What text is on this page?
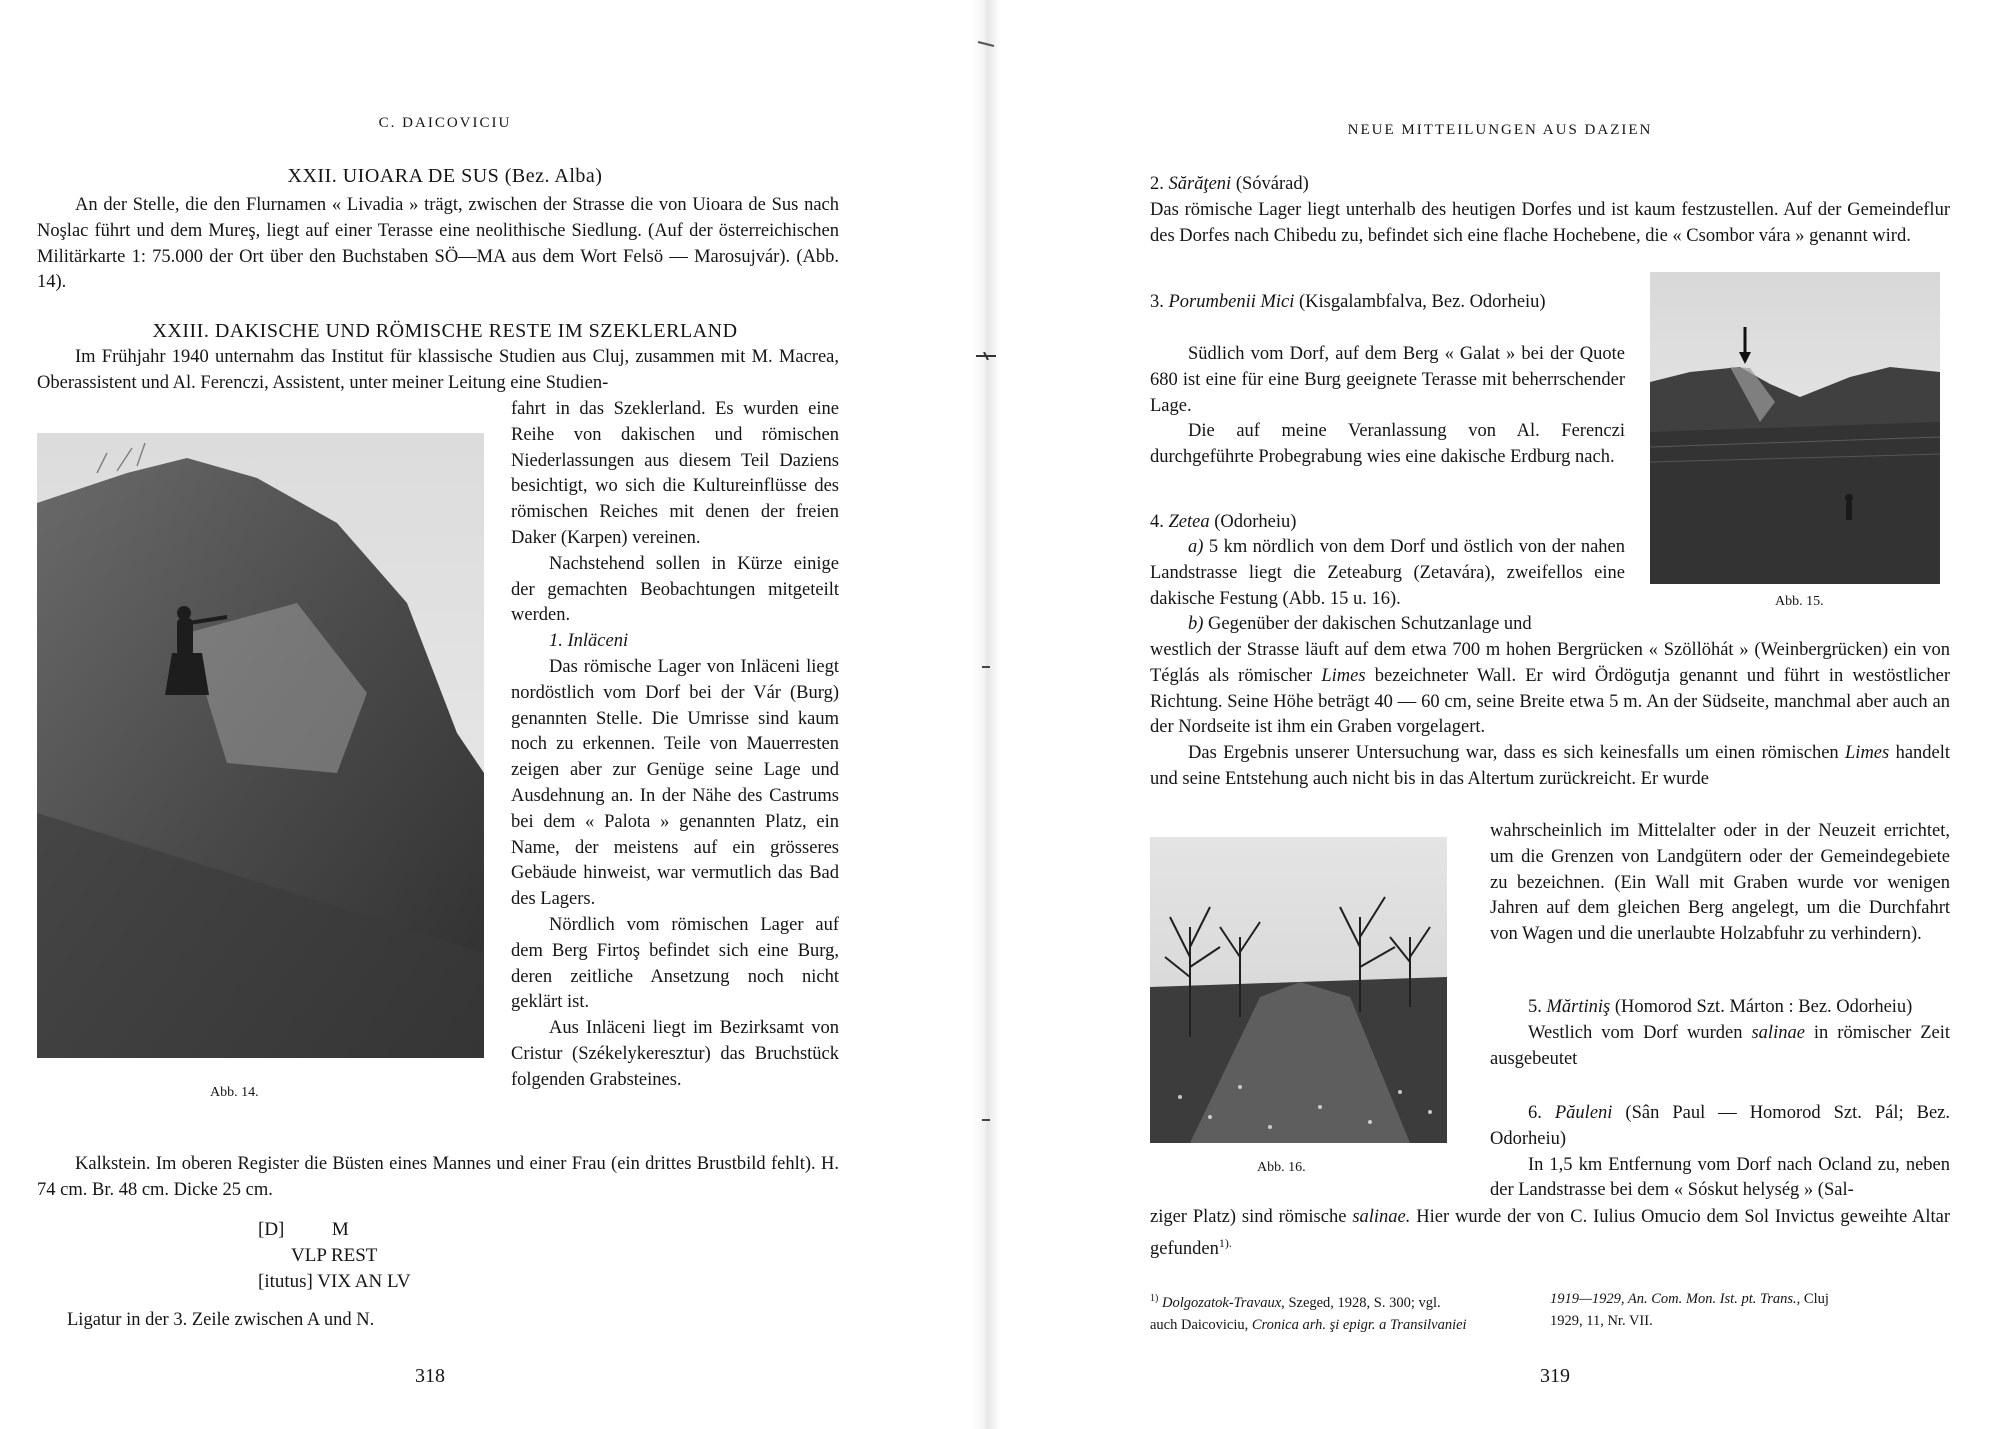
C. DAICOVICIU
XXII. UIOARA DE SUS (Bez. Alba)

An der Stelle, die den Flurnamen « Livadia » trägt, zwischen der Strasse die von Uioara de Sus nach Noşlac führt und dem Mureş, liegt auf einer Terasse eine neolithische Siedlung. (Auf der österreichischen Militärkarte 1: 75.000 der Ort über den Buchstaben SÖ—MA aus dem Wort Felsö — Marosujvár). (Abb. 14).

XXIII. DAKISCHE UND RÖMISCHE RESTE IM SZEKLERLAND

Im Frühjahr 1940 unternahm das Institut für klassische Studien aus Cluj, zusammen mit M. Macrea, Oberassistent und Al. Ferenczi, Assistent, unter meiner Leitung eine Studien-

Abb. 14.

fahrt in das Szeklerland. Es wurden eine Reihe von dakischen und römischen Niederlassungen aus diesem Teil Daziens besichtigt, wo sich die Kultureinflüsse des römischen Reiches mit denen der freien Daker (Karpen) vereinen.

Nachstehend sollen in Kürze einige der gemachten Beobachtungen mitgeteilt werden.

1. Inläceni

Das römische Lager von Inläceni liegt nordöstlich vom Dorf bei der Vár (Burg) genannten Stelle. Die Umrisse sind kaum noch zu erkennen. Teile von Mauerresten zeigen aber zur Genüge seine Lage und Ausdehnung an. In der Nähe des Castrums bei dem « Palota » genannten Platz, ein Name, der meistens auf ein grösseres Gebäude hinweist, war vermutlich das Bad des Lagers.

Nördlich vom römischen Lager auf dem Berg Firtoş befindet sich eine Burg, deren zeitliche Ansetzung noch nicht geklärt ist.

Aus Inläceni liegt im Bezirksamt von Cristur (Székelykeresztur) das Bruchstück folgenden Grabsteines.

Kalkstein. Im oberen Register die Büsten eines Mannes und einer Frau (ein drittes Brustbild fehlt). H. 74 cm. Br. 48 cm. Dicke 25 cm.

[D]          M
VLP REST
[itutus] VIX AN LV
Ligatur in der 3. Zeile zwischen A und N.
318
NEUE MITTEILUNGEN AUS DAZIEN
2. Sărăţeni (Sóvárad)

Das römische Lager liegt unterhalb des heutigen Dorfes und ist kaum festzustellen. Auf der Gemeindeflur des Dorfes nach Chibedu zu, befindet sich eine flache Hochebene, die « Csombor vára » genannt wird.

Abb. 15.
3. Porumbenii Mici (Kisgalambfalva, Bez. Odorheiu)

Südlich vom Dorf, auf dem Berg « Galat » bei der Quote 680 ist eine für eine Burg geeignete Terasse mit beherrschender Lage.

Die auf meine Veranlassung von Al. Ferenczi durchgeführte Probegrabung wies eine dakische Erdburg nach.

4. Zetea (Odorheiu)

a) 5 km nördlich von dem Dorf und östlich von der nahen Landstrasse liegt die Zeteaburg (Zetavára), zweifellos eine dakische Festung (Abb. 15 u. 16).

b) Gegenüber der dakischen Schutzanlage und

westlich der Strasse läuft auf dem etwa 700 m hohen Bergrücken « Szöllöhát » (Weinbergrücken) ein von Téglás als römischer Limes bezeichneter Wall. Er wird Ördögutja genannt und führt in westöstlicher Richtung. Seine Höhe beträgt 40 — 60 cm, seine Breite etwa 5 m. An der Südseite, manchmal aber auch an der Nordseite ist ihm ein Graben vorgelagert.

Das Ergebnis unserer Untersuchung war, dass es sich keinesfalls um einen römischen Limes handelt und seine Entstehung auch nicht bis in das Altertum zurückreicht. Er wurde

Abb. 16.

wahrscheinlich im Mittelalter oder in der Neuzeit errichtet, um die Grenzen von Landgütern oder der Gemeindegebiete zu bezeichnen. (Ein Wall mit Graben wurde vor wenigen Jahren auf dem gleichen Berg angelegt, um die Durchfahrt von Wagen und die unerlaubte Holzabfuhr zu verhindern).

5. Mărtiniş (Homorod Szt. Márton : Bez. Odorheiu)

Westlich vom Dorf wurden salinae in römischer Zeit ausgebeutet

6. Păuleni (Sân Paul — Homorod Szt. Pál; Bez. Odorheiu)

In 1,5 km Entfernung vom Dorf nach Ocland zu, neben der Landstrasse bei dem « Sóskut helység » (Sal-

ziger Platz) sind römische salinae. Hier wurde der von C. Iulius Omucio dem Sol Invictus geweihte Altar gefunden$^{1).}$

$^{1)}$ Dolgozatok-Travaux, Szeged, 1928, S. 300; vgl.
auch Daicoviciu, Cronica arh. şi epigr. a Transilvaniei
1919—1929, An. Com. Mon. Ist. pt. Trans., Cluj
1929, 11, Nr. VII.
319
